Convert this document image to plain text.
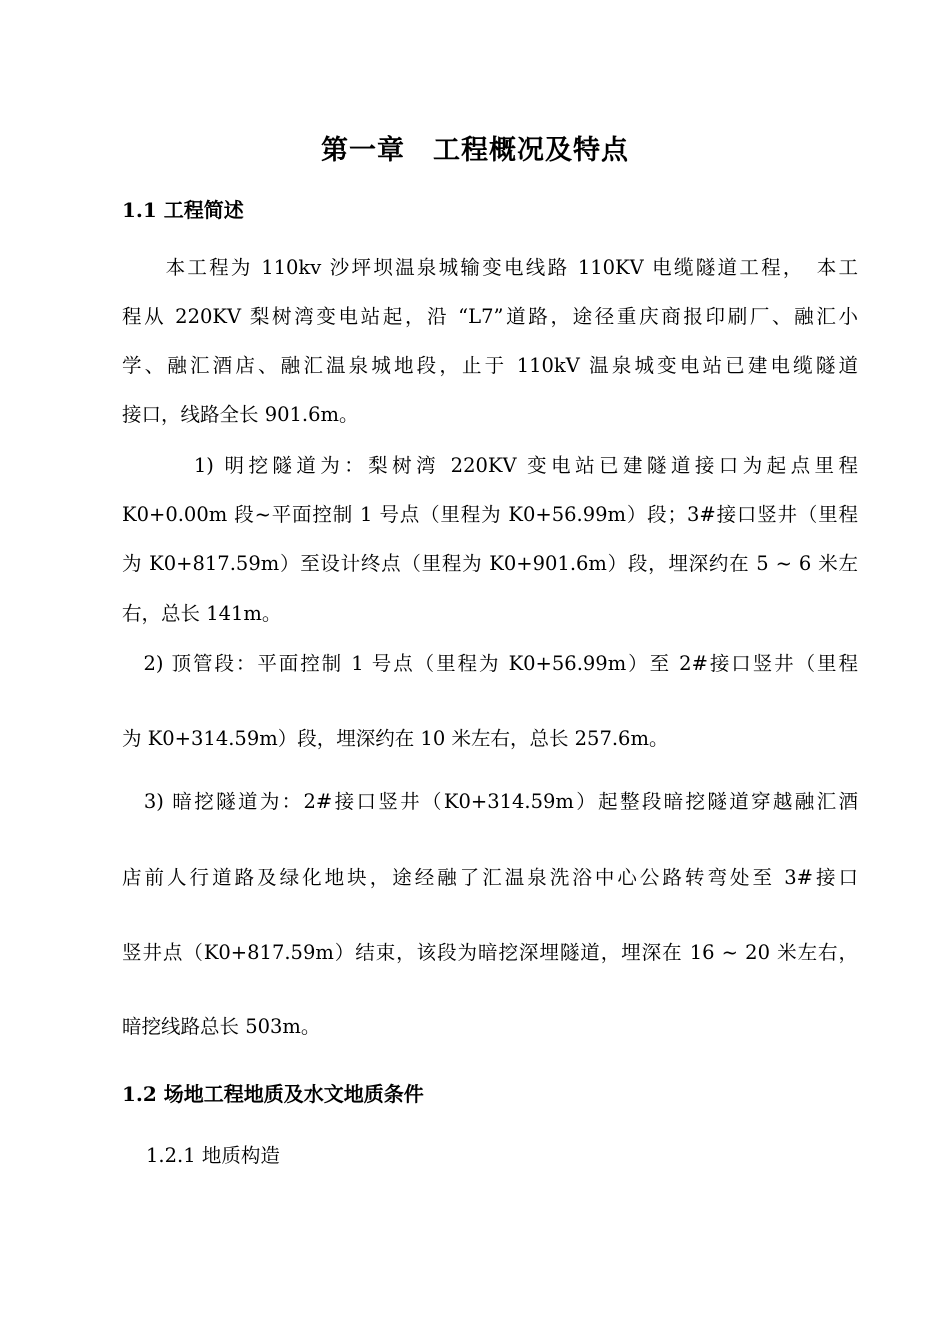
第一章　工程概况及特点
1.1 工程简述
　　本工程为 110kv 沙坪坝温泉城输变电线路 110KV 电缆隧道工程，　本工
程从 220KV 梨树湾变电站起，沿 “L7”道路，途径重庆商报印刷厂、融汇小
学、融汇酒店、融汇温泉城地段，止于 110kV 温泉城变电站已建电缆隧道
接口，线路全长 901.6m。
　　　1) 明挖隧道为：梨树湾 220KV 变电站已建隧道接口为起点里程
K0+0.00m 段~平面控制 1 号点（里程为 K0+56.99m）段；3#接口竖井（里程
为 K0+817.59m）至设计终点（里程为 K0+901.6m）段，埋深约在 5 ~ 6 米左
右，总长 141m。
　2) 顶管段：平面控制 1 号点（里程为 K0+56.99m）至 2#接口竖井（里程
为 K0+314.59m）段，埋深约在 10 米左右，总长 257.6m。
　3) 暗挖隧道为：2#接口竖井（K0+314.59m）起整段暗挖隧道穿越融汇酒
店前人行道路及绿化地块，途经融了汇温泉洗浴中心公路转弯处至 3#接口
竖井点（K0+817.59m）结束，该段为暗挖深埋隧道，埋深在 16 ~ 20 米左右，
暗挖线路总长 503m。
1.2 场地工程地质及水文地质条件
1.2.1 地质构造
